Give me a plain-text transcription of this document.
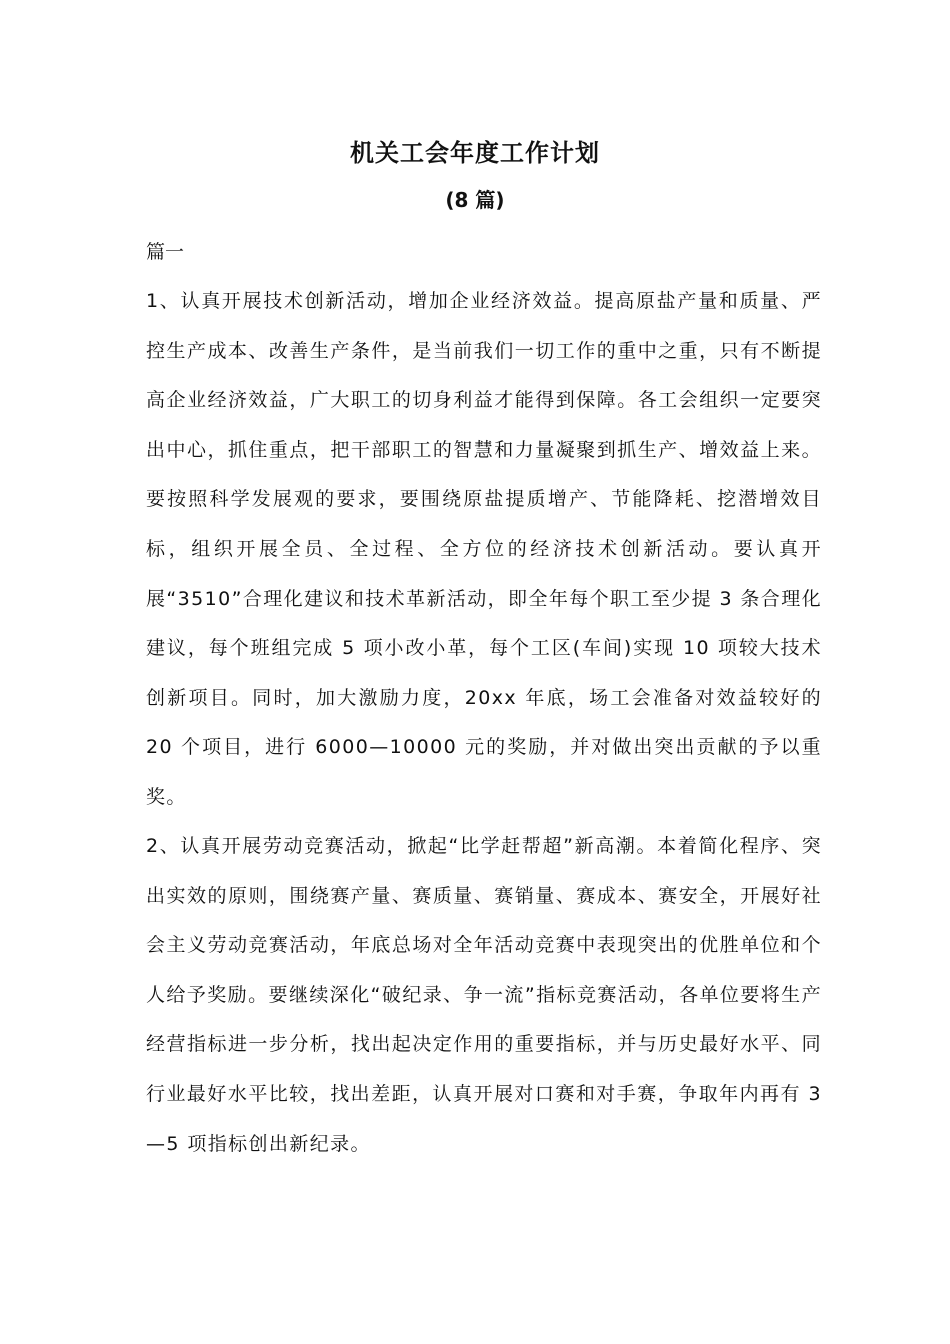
机关工会年度工作计划
(8 篇)
篇一

1、认真开展技术创新活动，增加企业经济效益。提高原盐产量和质量、严控生产成本、改善生产条件，是当前我们一切工作的重中之重，只有不断提高企业经济效益，广大职工的切身利益才能得到保障。各工会组织一定要突出中心，抓住重点，把干部职工的智慧和力量凝聚到抓生产、增效益上来。要按照科学发展观的要求，要围绕原盐提质增产、节能降耗、挖潜增效目标，组织开展全员、全过程、全方位的经济技术创新活动。要认真开展“3510”合理化建议和技术革新活动，即全年每个职工至少提 3 条合理化建议，每个班组完成 5 项小改小革，每个工区(车间)实现 10 项较大技术创新项目。同时，加大激励力度，20xx 年底，场工会准备对效益较好的 20 个项目，进行 6000—10000 元的奖励，并对做出突出贡献的予以重奖。

2、认真开展劳动竞赛活动，掀起“比学赶帮超”新高潮。本着简化程序、突出实效的原则，围绕赛产量、赛质量、赛销量、赛成本、赛安全，开展好社会主义劳动竞赛活动，年底总场对全年活动竞赛中表现突出的优胜单位和个人给予奖励。要继续深化“破纪录、争一流”指标竞赛活动，各单位要将生产经营指标进一步分析，找出起决定作用的重要指标，并与历史最好水平、同行业最好水平比较，找出差距，认真开展对口赛和对手赛，争取年内再有 3—5 项指标创出新纪录。
